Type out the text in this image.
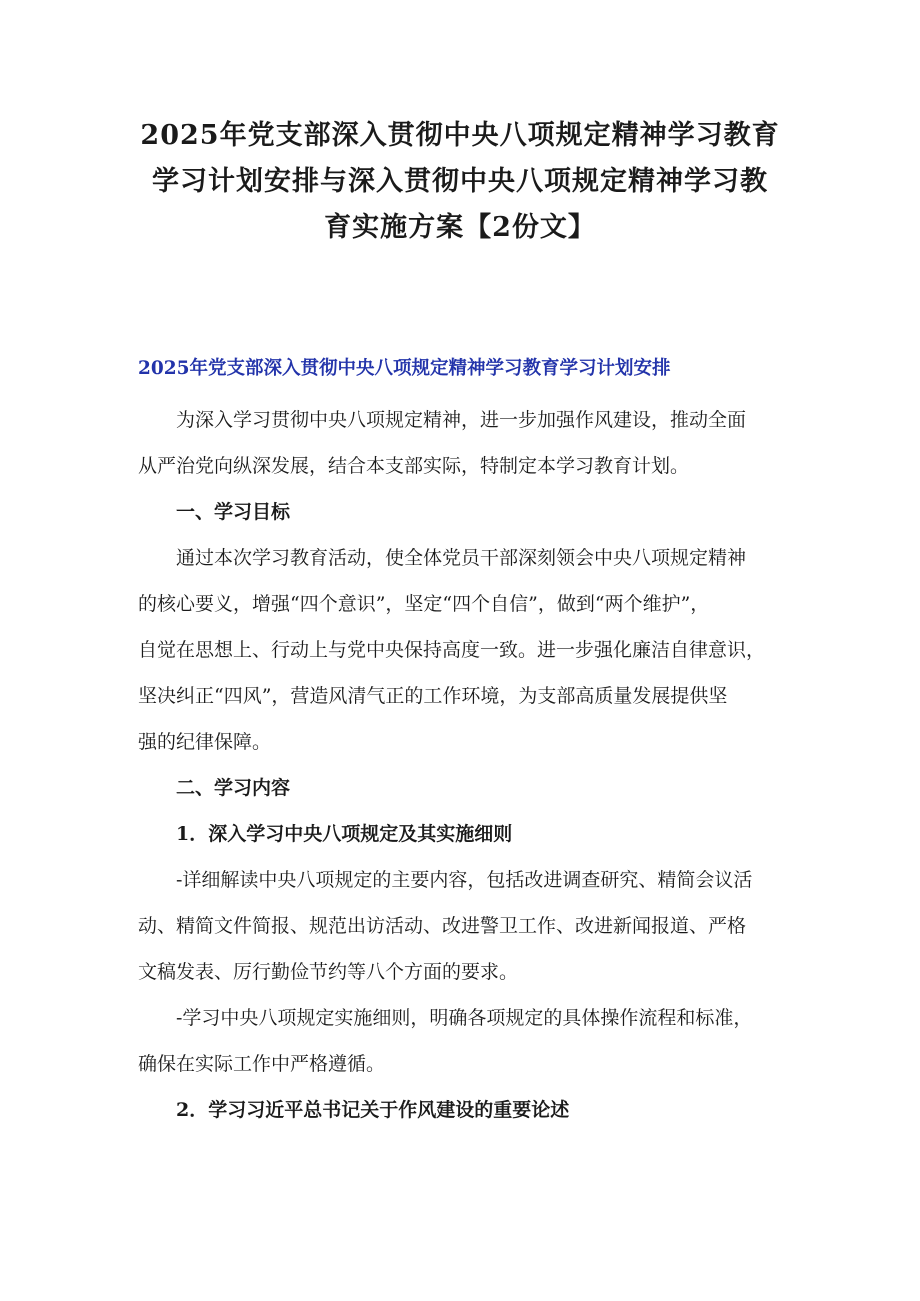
2025年党支部深入贯彻中央八项规定精神学习教育
学习计划安排与深入贯彻中央八项规定精神学习教
育实施方案【2份文】

2025年党支部深入贯彻中央八项规定精神学习教育学习计划安排

为深入学习贯彻中央八项规定精神，进一步加强作风建设，推动全面
从严治党向纵深发展，结合本支部实际，特制定本学习教育计划。
一、学习目标
通过本次学习教育活动，使全体党员干部深刻领会中央八项规定精神
的核心要义，增强“四个意识”，坚定“四个自信”，做到“两个维护”，
自觉在思想上、行动上与党中央保持高度一致。进一步强化廉洁自律意识，
坚决纠正“四风”，营造风清气正的工作环境，为支部高质量发展提供坚
强的纪律保障。
二、学习内容
1．深入学习中央八项规定及其实施细则
-详细解读中央八项规定的主要内容，包括改进调查研究、精简会议活
动、精简文件简报、规范出访活动、改进警卫工作、改进新闻报道、严格
文稿发表、厉行勤俭节约等八个方面的要求。
-学习中央八项规定实施细则，明确各项规定的具体操作流程和标准，
确保在实际工作中严格遵循。
2．学习习近平总书记关于作风建设的重要论述
